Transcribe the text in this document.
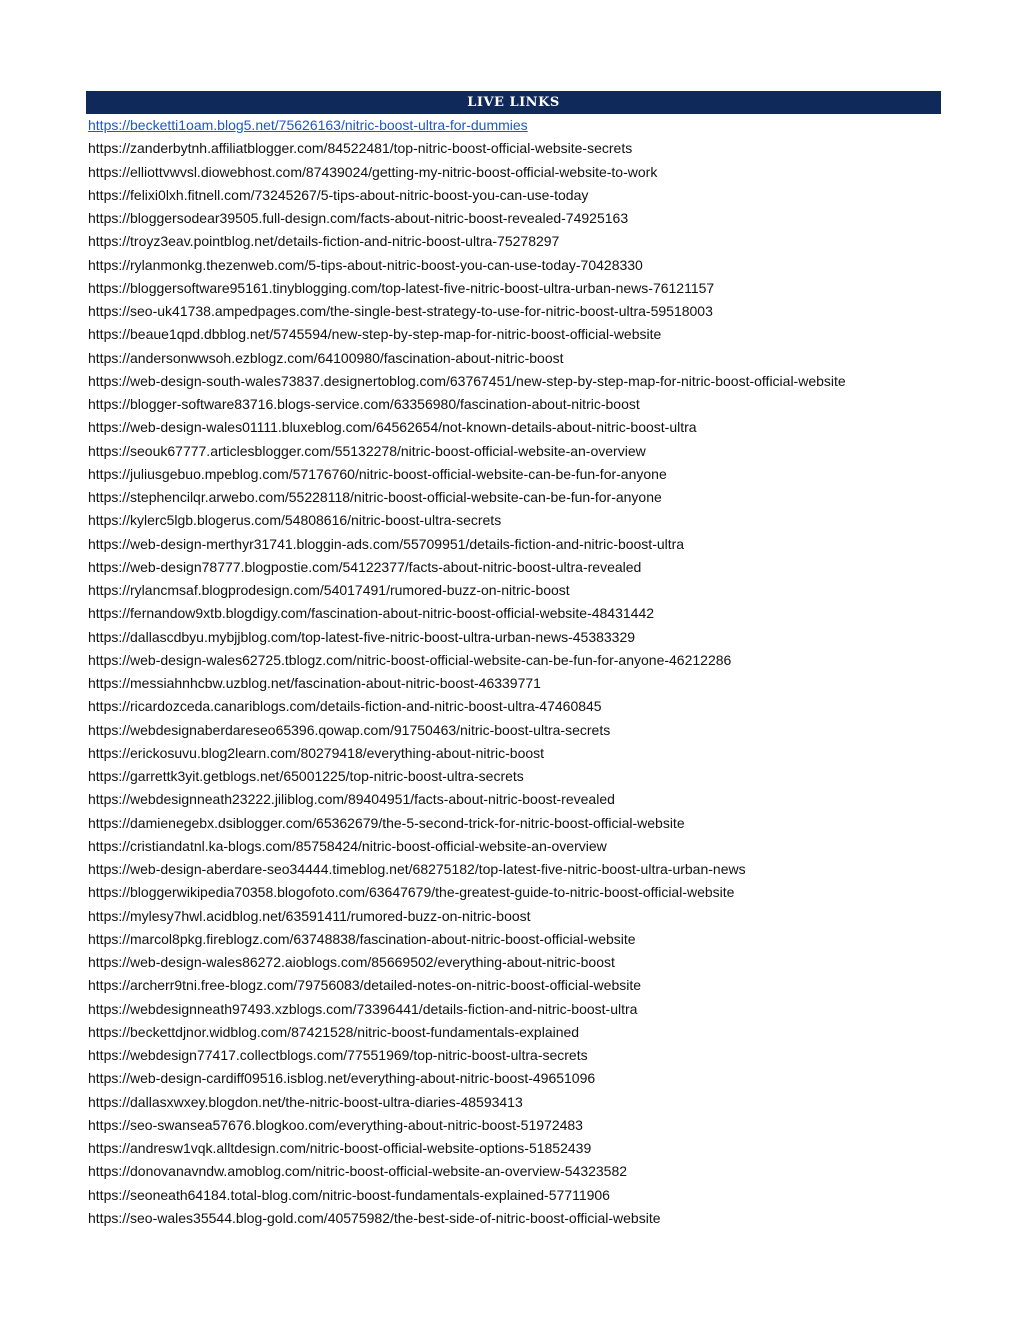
LIVE LINKS
https://becketti1oam.blog5.net/75626163/nitric-boost-ultra-for-dummies
https://zanderbytnh.affiliatblogger.com/84522481/top-nitric-boost-official-website-secrets
https://elliottvwvsl.diowebhost.com/87439024/getting-my-nitric-boost-official-website-to-work
https://felixi0lxh.fitnell.com/73245267/5-tips-about-nitric-boost-you-can-use-today
https://bloggersodear39505.full-design.com/facts-about-nitric-boost-revealed-74925163
https://troyz3eav.pointblog.net/details-fiction-and-nitric-boost-ultra-75278297
https://rylanmonkg.thezenweb.com/5-tips-about-nitric-boost-you-can-use-today-70428330
https://bloggersoftware95161.tinyblogging.com/top-latest-five-nitric-boost-ultra-urban-news-76121157
https://seo-uk41738.ampedpages.com/the-single-best-strategy-to-use-for-nitric-boost-ultra-59518003
https://beaue1qpd.dbblog.net/5745594/new-step-by-step-map-for-nitric-boost-official-website
https://andersonwwsoh.ezblogz.com/64100980/fascination-about-nitric-boost
https://web-design-south-wales73837.designertoblog.com/63767451/new-step-by-step-map-for-nitric-boost-official-website
https://blogger-software83716.blogs-service.com/63356980/fascination-about-nitric-boost
https://web-design-wales01111.bluxeblog.com/64562654/not-known-details-about-nitric-boost-ultra
https://seouk67777.articlesblogger.com/55132278/nitric-boost-official-website-an-overview
https://juliusgebuo.mpeblog.com/57176760/nitric-boost-official-website-can-be-fun-for-anyone
https://stephencilqr.arwebo.com/55228118/nitric-boost-official-website-can-be-fun-for-anyone
https://kylerc5lgb.blogerus.com/54808616/nitric-boost-ultra-secrets
https://web-design-merthyr31741.bloggin-ads.com/55709951/details-fiction-and-nitric-boost-ultra
https://web-design78777.blogpostie.com/54122377/facts-about-nitric-boost-ultra-revealed
https://rylancmsaf.blogprodesign.com/54017491/rumored-buzz-on-nitric-boost
https://fernandow9xtb.blogdigy.com/fascination-about-nitric-boost-official-website-48431442
https://dallascdbyu.mybjjblog.com/top-latest-five-nitric-boost-ultra-urban-news-45383329
https://web-design-wales62725.tblogz.com/nitric-boost-official-website-can-be-fun-for-anyone-46212286
https://messiahnhcbw.uzblog.net/fascination-about-nitric-boost-46339771
https://ricardozceda.canariblogs.com/details-fiction-and-nitric-boost-ultra-47460845
https://webdesignaberdareseo65396.qowap.com/91750463/nitric-boost-ultra-secrets
https://erickosuvu.blog2learn.com/80279418/everything-about-nitric-boost
https://garrettk3yit.getblogs.net/65001225/top-nitric-boost-ultra-secrets
https://webdesignneath23222.jiliblog.com/89404951/facts-about-nitric-boost-revealed
https://damienegebx.dsiblogger.com/65362679/the-5-second-trick-for-nitric-boost-official-website
https://cristiandatnl.ka-blogs.com/85758424/nitric-boost-official-website-an-overview
https://web-design-aberdare-seo34444.timeblog.net/68275182/top-latest-five-nitric-boost-ultra-urban-news
https://bloggerwikipedia70358.blogofoto.com/63647679/the-greatest-guide-to-nitric-boost-official-website
https://mylesy7hwl.acidblog.net/63591411/rumored-buzz-on-nitric-boost
https://marcol8pkg.fireblogz.com/63748838/fascination-about-nitric-boost-official-website
https://web-design-wales86272.aioblogs.com/85669502/everything-about-nitric-boost
https://archerr9tni.free-blogz.com/79756083/detailed-notes-on-nitric-boost-official-website
https://webdesignneath97493.xzblogs.com/73396441/details-fiction-and-nitric-boost-ultra
https://beckettdjnor.widblog.com/87421528/nitric-boost-fundamentals-explained
https://webdesign77417.collectblogs.com/77551969/top-nitric-boost-ultra-secrets
https://web-design-cardiff09516.isblog.net/everything-about-nitric-boost-49651096
https://dallasxwxey.blogdon.net/the-nitric-boost-ultra-diaries-48593413
https://seo-swansea57676.blogkoo.com/everything-about-nitric-boost-51972483
https://andresw1vqk.alltdesign.com/nitric-boost-official-website-options-51852439
https://donovanavndw.amoblog.com/nitric-boost-official-website-an-overview-54323582
https://seoneath64184.total-blog.com/nitric-boost-fundamentals-explained-57711906
https://seo-wales35544.blog-gold.com/40575982/the-best-side-of-nitric-boost-official-website
